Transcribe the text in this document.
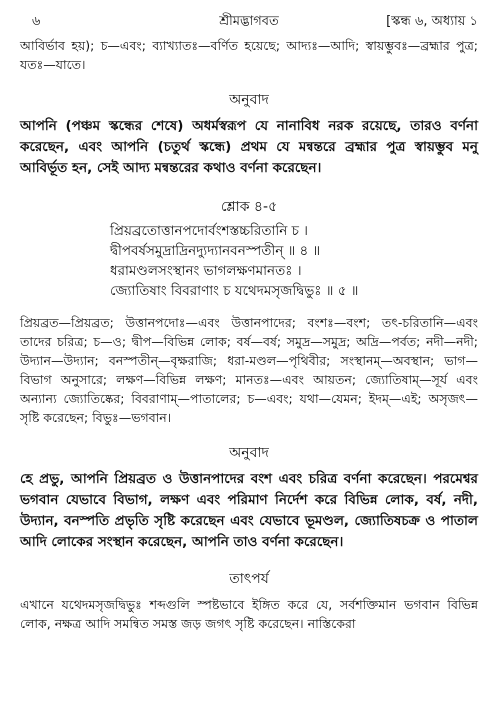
৬	শ্রীমদ্ভাগবত	[স্কন্ধ ৬, অধ্যায় ১

আবির্ভাব হয়); চ—এবং; ব্যাখ্যাতঃ—বর্ণিত হয়েছে; আদ্যঃ—আদি; স্বায়ম্ভুবঃ—ব্রহ্মার পুত্র; যতঃ—যাতে।

অনুবাদ

আপনি (পঞ্চম স্কন্ধের শেষে) অধর্মস্বরূপ যে নানাবিধ নরক রয়েছে, তারও বর্ণনা করেছেন, এবং আপনি (চতুর্থ স্কন্ধে) প্রথম যে মন্বন্তরে ব্রহ্মার পুত্র স্বায়ম্ভুব মনু আবির্ভূত হন, সেই আদ্য মন্বন্তরের কথাও বর্ণনা করেছেন।

শ্লোক ৪-৫
প্রিয়ব্রতোত্তানপদোর্বংশস্তচ্চরিতানি চ ।
দ্বীপবর্ষসমুদ্রাদ্রিনদ্যুদ্যানবনস্পতীন্ ॥ ৪ ॥
ধরামণ্ডলসংস্থানং ভাগলক্ষণমানতঃ ।
জ্যোতিষাং বিবরাণাং চ যথেদমসৃজদ্বিভুঃ ॥ ৫ ॥

প্রিয়ব্রত—প্রিয়ব্রত; উত্তানপদোঃ—এবং উত্তানপাদের; বংশঃ—বংশ; তৎ-চরিতানি—এবং তাদের চরিত্র; চ—ও; দ্বীপ—বিভিন্ন লোক; বর্ষ—বর্ষ; সমুদ্র—সমুদ্র; অদ্রি—পর্বত; নদী—নদী; উদ্যান—উদ্যান; বনস্পতীন্—বৃক্ষরাজি; ধরা-মণ্ডল—পৃথিবীর; সংস্থানম্—অবস্থান; ভাগ—বিভাগ অনুসারে; লক্ষণ—বিভিন্ন লক্ষণ; মানতঃ—এবং আয়তন; জ্যোতিষাম্—সূর্য এবং অন্যান্য জ্যোতিষ্কের; বিবরাণাম্—পাতালের; চ—এবং; যথা—যেমন; ইদম্—এই; অসৃজৎ—সৃষ্টি করেছেন; বিভুঃ—ভগবান।

অনুবাদ

হে প্রভু, আপনি প্রিয়ব্রত ও উত্তানপাদের বংশ এবং চরিত্র বর্ণনা করেছেন। পরমেশ্বর ভগবান যেভাবে বিভাগ, লক্ষণ এবং পরিমাণ নির্দেশ করে বিভিন্ন লোক, বর্ষ, নদী, উদ্যান, বনস্পতি প্রভৃতি সৃষ্টি করেছেন এবং যেভাবে ভূমণ্ডল, জ্যোতিষচক্র ও পাতাল আদি লোকের সংস্থান করেছেন, আপনি তাও বর্ণনা করেছেন।

তাৎপর্য

এখানে যথেদমসৃজদ্বিভুঃ শব্দগুলি স্পষ্টভাবে ইঙ্গিত করে যে, সর্বশক্তিমান ভগবান বিভিন্ন লোক, নক্ষত্র আদি সমন্বিত সমস্ত জড় জগৎ সৃষ্টি করেছেন। নাস্তিকেরা
